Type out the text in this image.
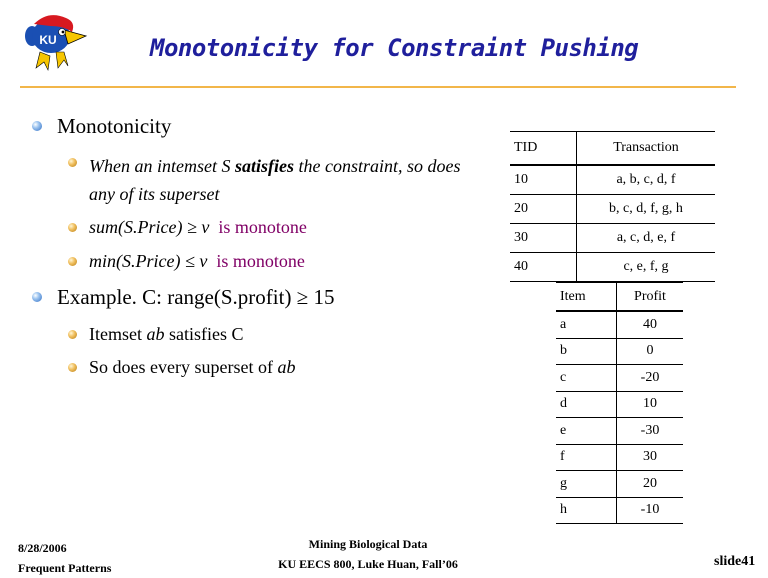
KU	Monotonicity for Constraint Pushing
Monotonicity
When an intemset S satisfies the constraint, so does
any of its superset
sum(S.Price) ≥ v is monotone
min(S.Price) ≤ v is monotone
Example. C: range(S.profit) ≥ 15
Itemset ab satisfies C
So does every superset of ab
TID	Transaction
10	a, b, c, d, f
20	b, c, d, f, g, h
30	a, c, d, e, f
40	c, e, f, g
Item	Profit
a	40
b	0
c	-20
d	10
e	-30
f	30
g	20
h	-10
8/28/2006
Frequent Patterns
Mining Biological Data
KU EECS 800, Luke Huan, Fall’06	slide41
